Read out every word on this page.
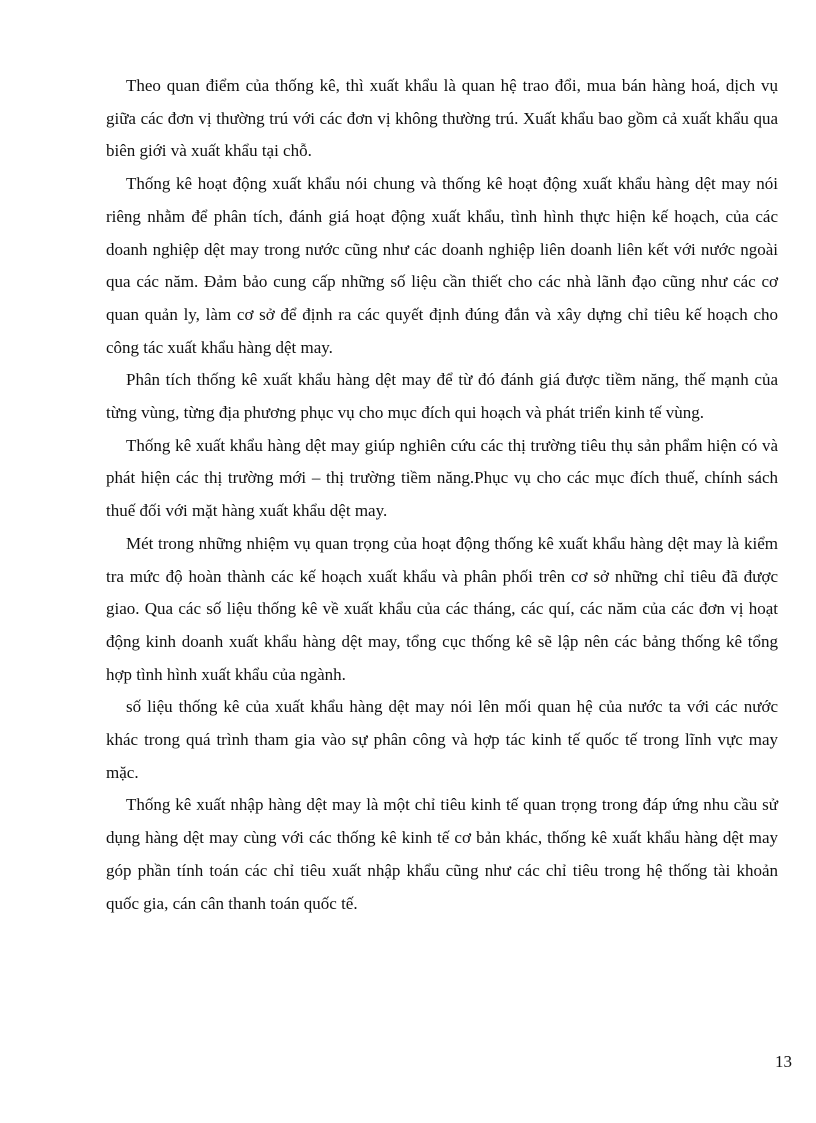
Theo quan điểm của thống kê, thì xuất khẩu là quan hệ trao đổi, mua bán hàng hoá, dịch vụ giữa các đơn vị thường trú với các đơn vị không thường trú. Xuất khẩu bao gồm cả xuất khẩu qua biên giới và xuất khẩu tại chỗ.

Thống kê hoạt động xuất khẩu nói chung và thống kê hoạt động xuất khẩu hàng dệt may nói riêng nhằm để phân tích, đánh giá hoạt động xuất khẩu, tình hình thực hiện kế hoạch, của các doanh nghiệp dệt may trong nước cũng như các doanh nghiệp liên doanh liên kết với nước ngoài qua các năm. Đảm bảo cung cấp những số liệu cần thiết cho các nhà lãnh đạo cũng như các cơ quan quản ly, làm cơ sở để định ra các quyết định đúng đắn và xây dựng chỉ tiêu kế hoạch cho công tác xuất khẩu hàng dệt may.

Phân tích thống kê xuất khẩu hàng dệt may để từ đó đánh giá được tiềm năng, thế mạnh của từng vùng, từng địa phương phục vụ cho mục đích qui hoạch và phát triển kinh tế vùng.

Thống kê xuất khẩu hàng dệt may giúp nghiên cứu các thị trường tiêu thụ sản phẩm hiện có và phát hiện các thị trường mới – thị trường tiềm năng.Phục vụ cho các mục đích thuế, chính sách thuế đối với mặt hàng xuất khẩu dệt may.

Mét trong những nhiệm vụ quan trọng của hoạt động thống kê xuất khẩu hàng dệt may là kiểm tra mức độ hoàn thành các kế hoạch xuất khẩu và phân phối trên cơ sở những chỉ tiêu đã được giao. Qua các số liệu thống kê về xuất khẩu của các tháng, các quí, các năm của các đơn vị hoạt động kinh doanh xuất khẩu hàng dệt may, tổng cục thống kê sẽ lập nên các bảng thống kê tổng hợp tình hình xuất khẩu của ngành.

số liệu thống kê của xuất khẩu hàng dệt may nói lên mối quan hệ của nước ta với các nước khác trong quá trình tham gia vào sự phân công và hợp tác kinh tế quốc tế trong lĩnh vực may mặc.

Thống kê xuất nhập hàng dệt may là một chỉ tiêu kinh tế quan trọng trong đáp ứng nhu cầu sử dụng hàng dệt may cùng với các thống kê kinh tế cơ bản khác, thống kê xuất khẩu hàng dệt may góp phần tính toán các chỉ tiêu xuất nhập khẩu cũng như các chỉ tiêu trong hệ thống tài khoản quốc gia, cán cân thanh toán quốc tế.

13
